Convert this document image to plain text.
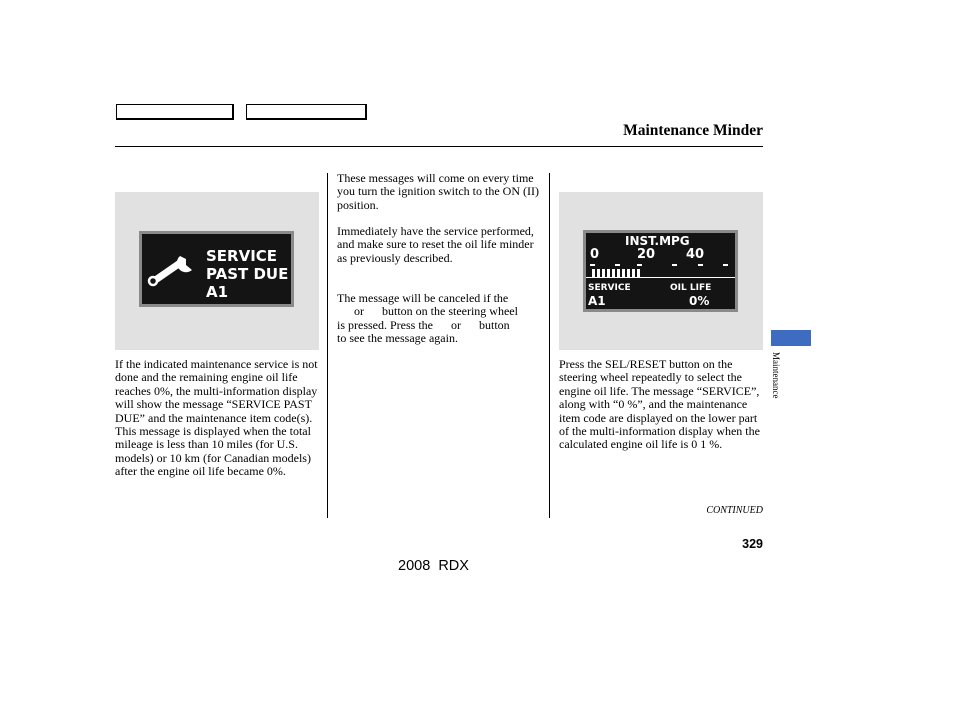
Maintenance Minder
SERVICE
PAST DUE
A1
INST.MPG
0	20 40
SERVICE	OIL LIFE
A1	0%

If the indicated maintenance service is not done and the remaining engine oil life reaches 0%, the multi-information display will show the message “SERVICE PAST DUE” and the maintenance item code(s). This message is displayed when the total mileage is less than 10 miles (for U.S. models) or 10 km (for Canadian models) after the engine oil life became 0%.

These messages will come on every time you turn the ignition switch to the ON (II) position.

Immediately have the service performed, and make sure to reset the oil life minder as previously described.

The message will be canceled if the
or      button on the steering wheel
is pressed. Press the      or      button
to see the message again.

Press the SEL/RESET button on the steering wheel repeatedly to select the engine oil life. The message “SERVICE”, along with “0 %”, and the maintenance item code are displayed on the lower part of the multi-information display when the calculated engine oil life is 0 1 %.

Maintenance
CONTINUED
329
2008  RDX
